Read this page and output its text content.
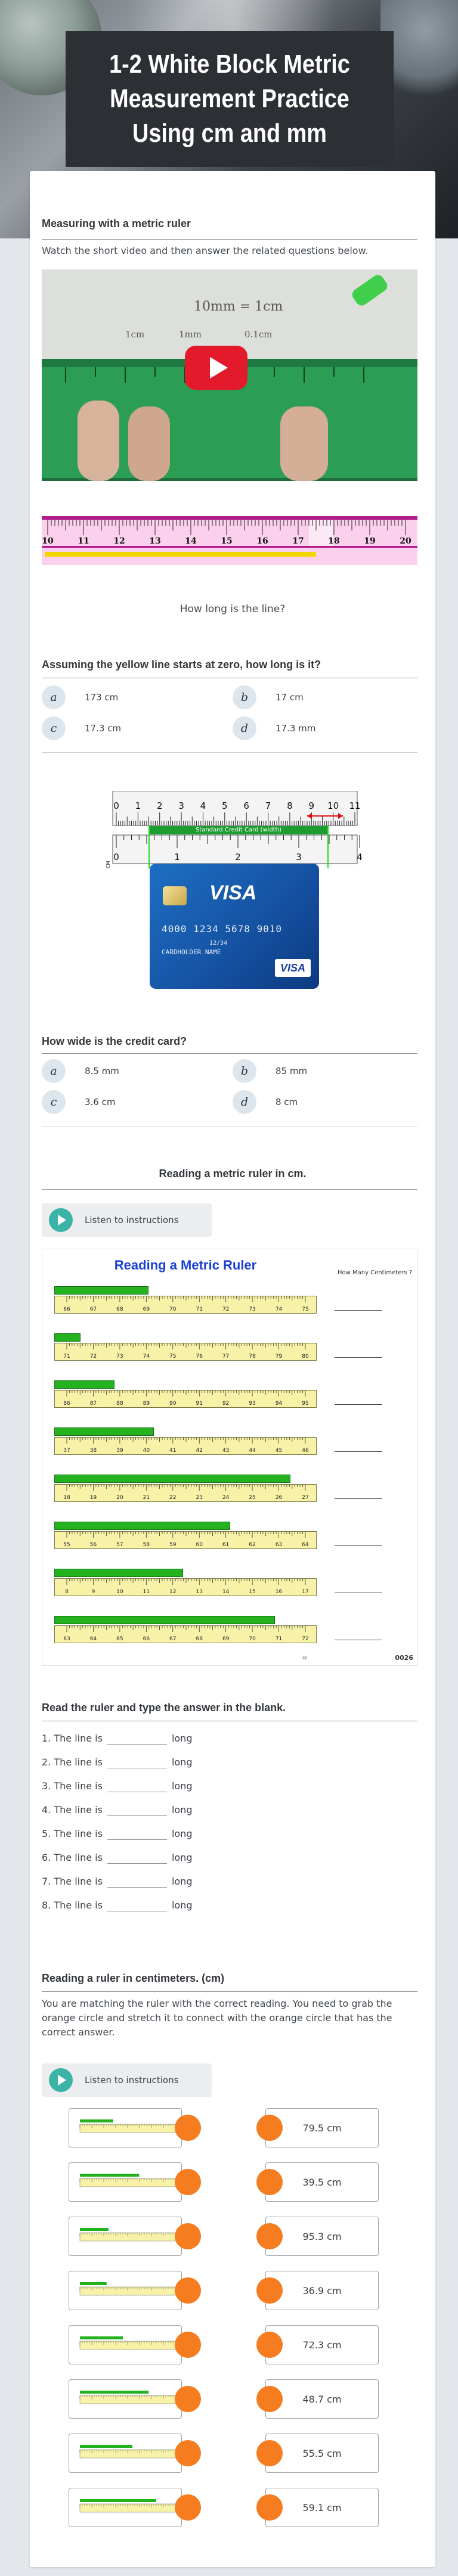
1-2 White Block Metric Measurement Practice Using cm and mm
Measuring with a metric ruler
Watch the short video and then answer the related questions below.
10mm = 1cm
1cm	1mm	0.1cm
10	11	12	13	14	15	16	17	18	19	20
How long is the line?
Assuming the yellow line starts at zero, how long is it?
a	173 cm	b	17 cm
c	17.3 cm	d	17.3 mm
0 1 2 3 4 5 6 7 8 9 10 11
0	1	2	3	4
CM
Standard Credit Card (width)
VISA
4000 1234 5678 9010
12/34
CARDHOLDER NAME
VISA
How wide is the credit card?
a	8.5 mm	b	85 mm
c	3.6 cm	d	8 cm
Reading a metric ruler in cm.
Listen to instructions
Reading a Metric Ruler
How Many Centimeters ?
66	67	68	69	70	71	72	73	74	75
71	72	73	74	75	76	77	78	79	80
86	87	88	89	90	91	92	93	94	95
37	38	39	40	41	42	43	44	45	46
18	19	20	21	22	23	24	25	26	27
55	56	57	58	59	60	61	62	63	64
8	9	10	11	12	13	14	15	16	17
63	64	65	66	67	68	69	70	71	72
0026
cc
Read the ruler and type the answer in the blank.
1. The line is	long
2. The line is	long
3. The line is	long
4. The line is	long
5. The line is	long
6. The line is	long
7. The line is	long
8. The line is	long
Reading a ruler in centimeters. (cm)
You are matching the ruler with the correct reading. You need to grab the orange circle and stretch it to connect with the orange circle that has the correct answer.
Listen to instructions
79.5 cm
39.5 cm
95.3 cm
36.9 cm
72.3 cm
48.7 cm
55.5 cm
59.1 cm
